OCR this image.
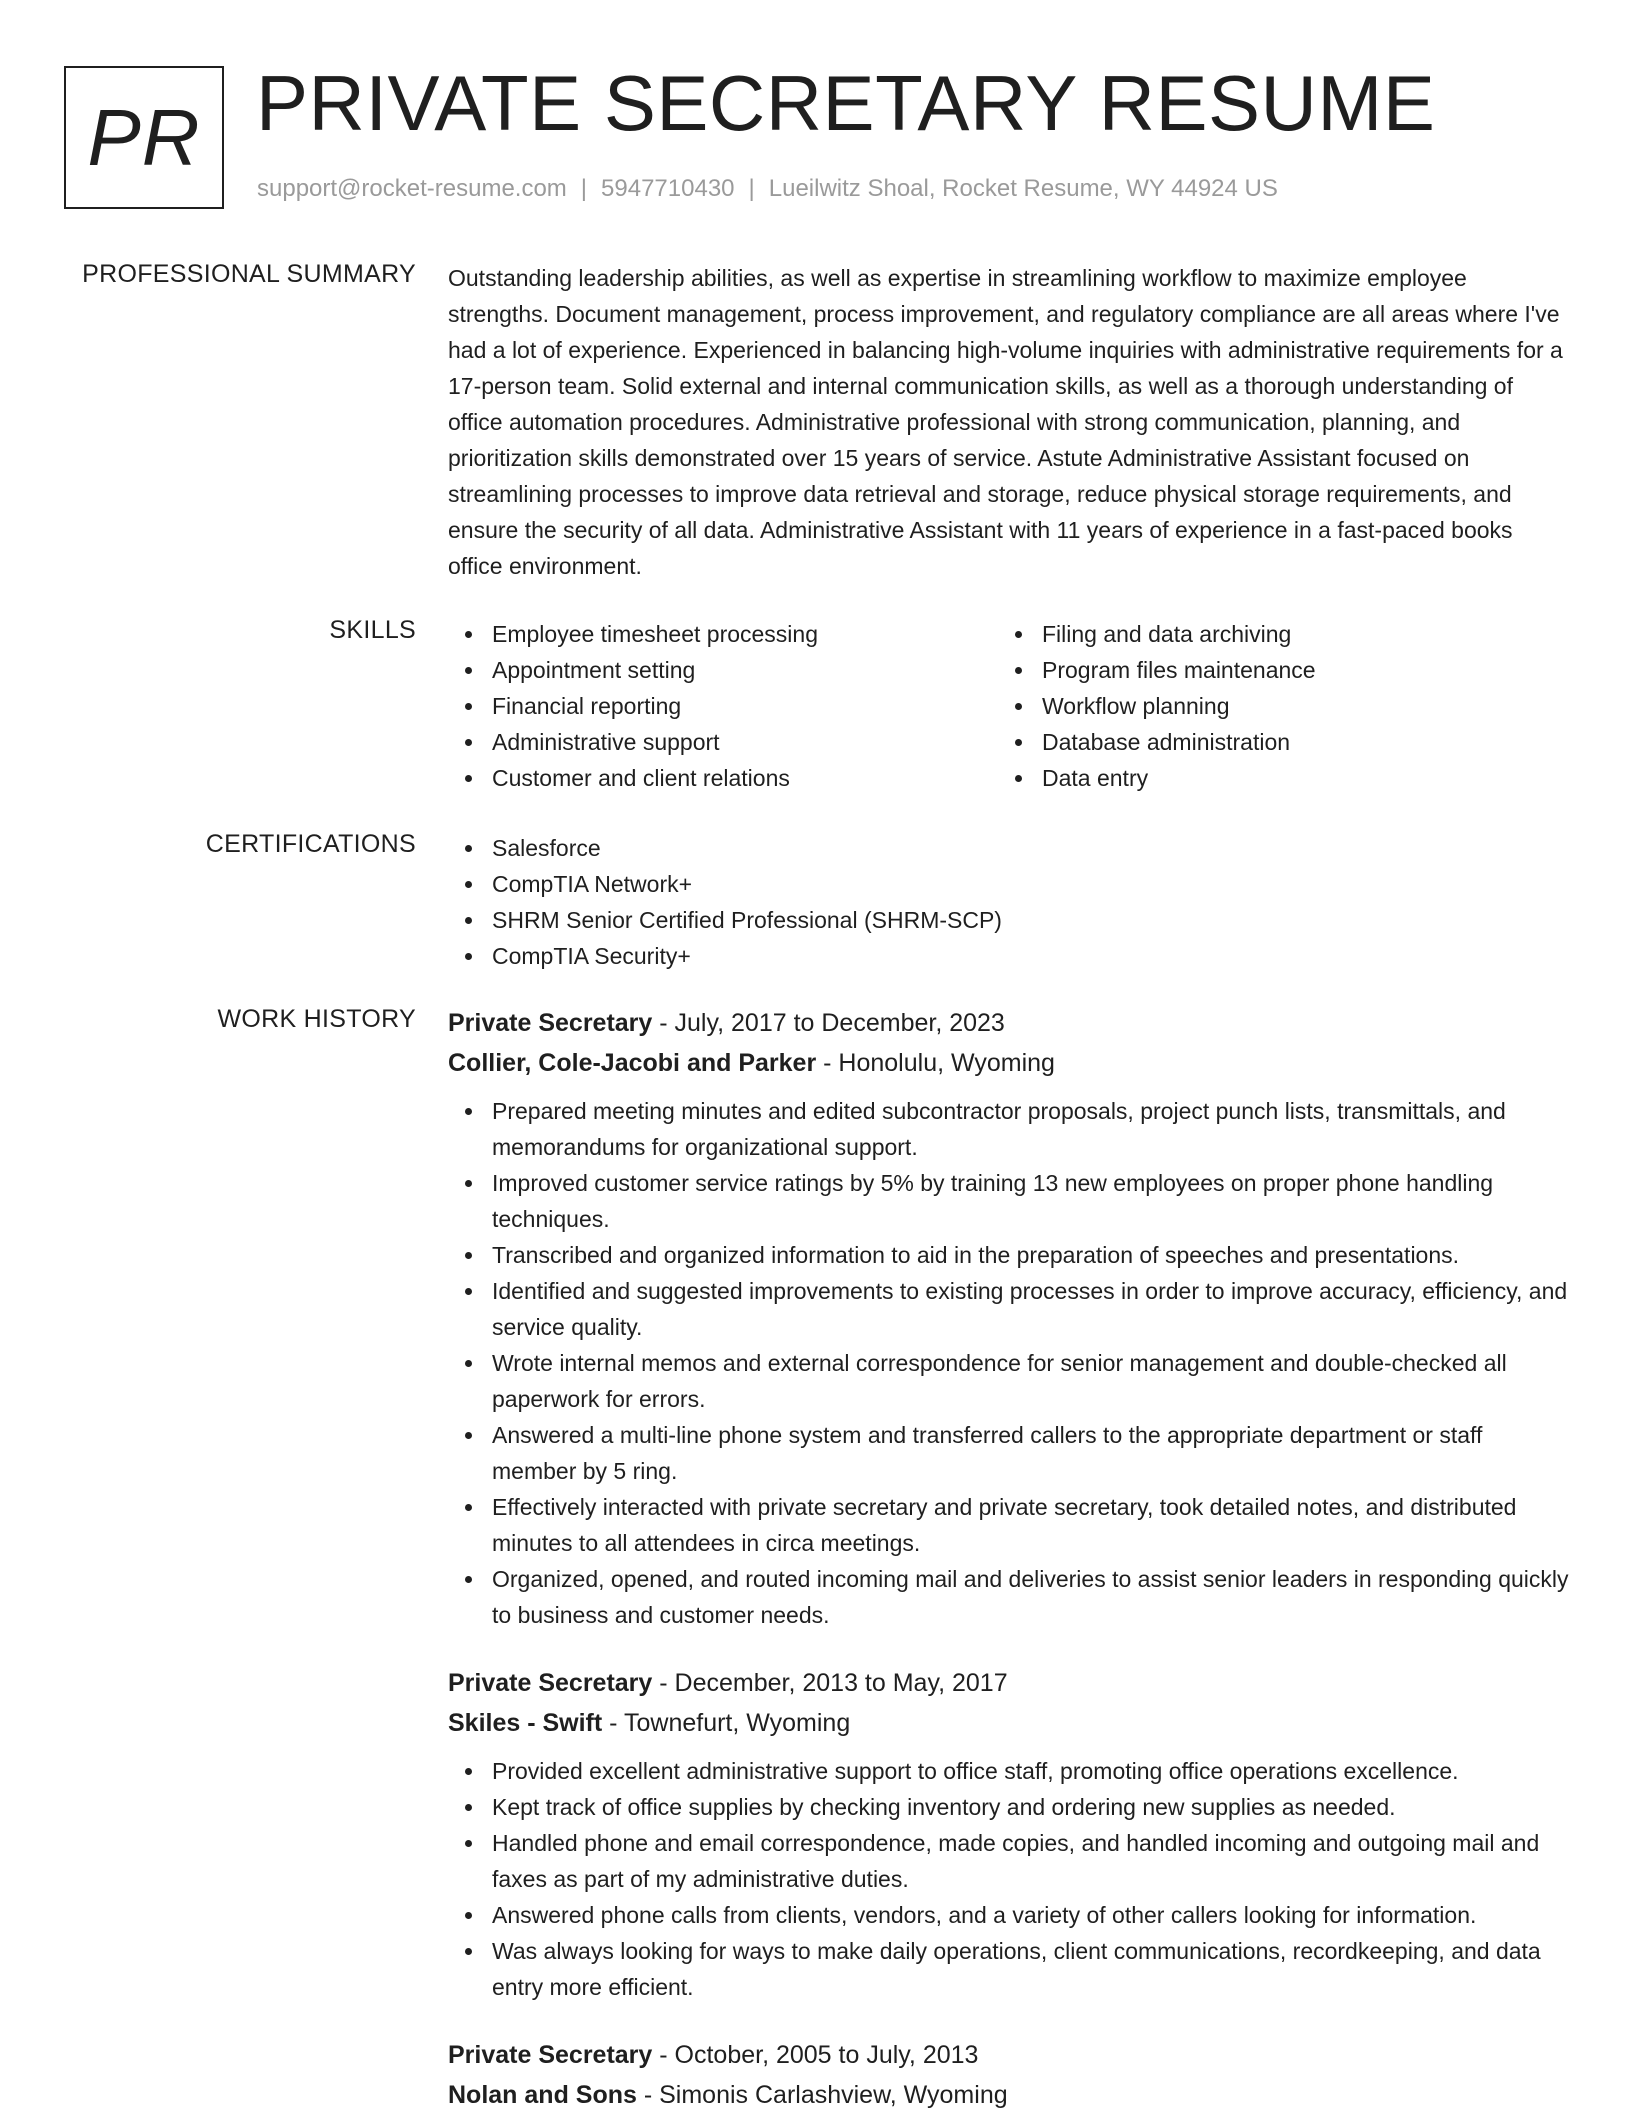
PR PRIVATE SECRETARY RESUME
support@rocket-resume.com | 5947710430 | Lueilwitz Shoal, Rocket Resume, WY 44924 US
PROFESSIONAL SUMMARY Outstanding leadership abilities, as well as expertise in streamlining workflow to maximize employee strengths. Document management, process improvement, and regulatory compliance are all areas where I've had a lot of experience. Experienced in balancing high-volume inquiries with administrative requirements for a 17-person team. Solid external and internal communication skills, as well as a thorough understanding of office automation procedures. Administrative professional with strong communication, planning, and prioritization skills demonstrated over 15 years of service. Astute Administrative Assistant focused on streamlining processes to improve data retrieval and storage, reduce physical storage requirements, and ensure the security of all data. Administrative Assistant with 11 years of experience in a fast-paced books office environment.
SKILLS	Employee timesheet processing
Appointment setting
Financial reporting
Administrative support
Customer and client relations
Filing and data archiving
Program files maintenance
Workflow planning
Database administration
Data entry
CERTIFICATIONS	Salesforce
CompTIA Network+
SHRM Senior Certified Professional (SHRM-SCP)
CompTIA Security+
WORK HISTORY Private Secretary - July, 2017 to December, 2023
Collier, Cole-Jacobi and Parker - Honolulu, Wyoming
Prepared meeting minutes and edited subcontractor proposals, project punch lists, transmittals, and memorandums for organizational support.
Improved customer service ratings by 5% by training 13 new employees on proper phone handling techniques.
Transcribed and organized information to aid in the preparation of speeches and presentations.
Identified and suggested improvements to existing processes in order to improve accuracy, efficiency, and service quality.
Wrote internal memos and external correspondence for senior management and double-checked all paperwork for errors.
Answered a multi-line phone system and transferred callers to the appropriate department or staff member by 5 ring.
Effectively interacted with private secretary and private secretary, took detailed notes, and distributed minutes to all attendees in circa meetings.
Organized, opened, and routed incoming mail and deliveries to assist senior leaders in responding quickly to business and customer needs.
Private Secretary - December, 2013 to May, 2017
Skiles - Swift - Townefurt, Wyoming
Provided excellent administrative support to office staff, promoting office operations excellence.
Kept track of office supplies by checking inventory and ordering new supplies as needed.
Handled phone and email correspondence, made copies, and handled incoming and outgoing mail and faxes as part of my administrative duties.
Answered phone calls from clients, vendors, and a variety of other callers looking for information.
Was always looking for ways to make daily operations, client communications, recordkeeping, and data entry more efficient.
Private Secretary - October, 2005 to July, 2013
Nolan and Sons - Simonis Carlashview, Wyoming
